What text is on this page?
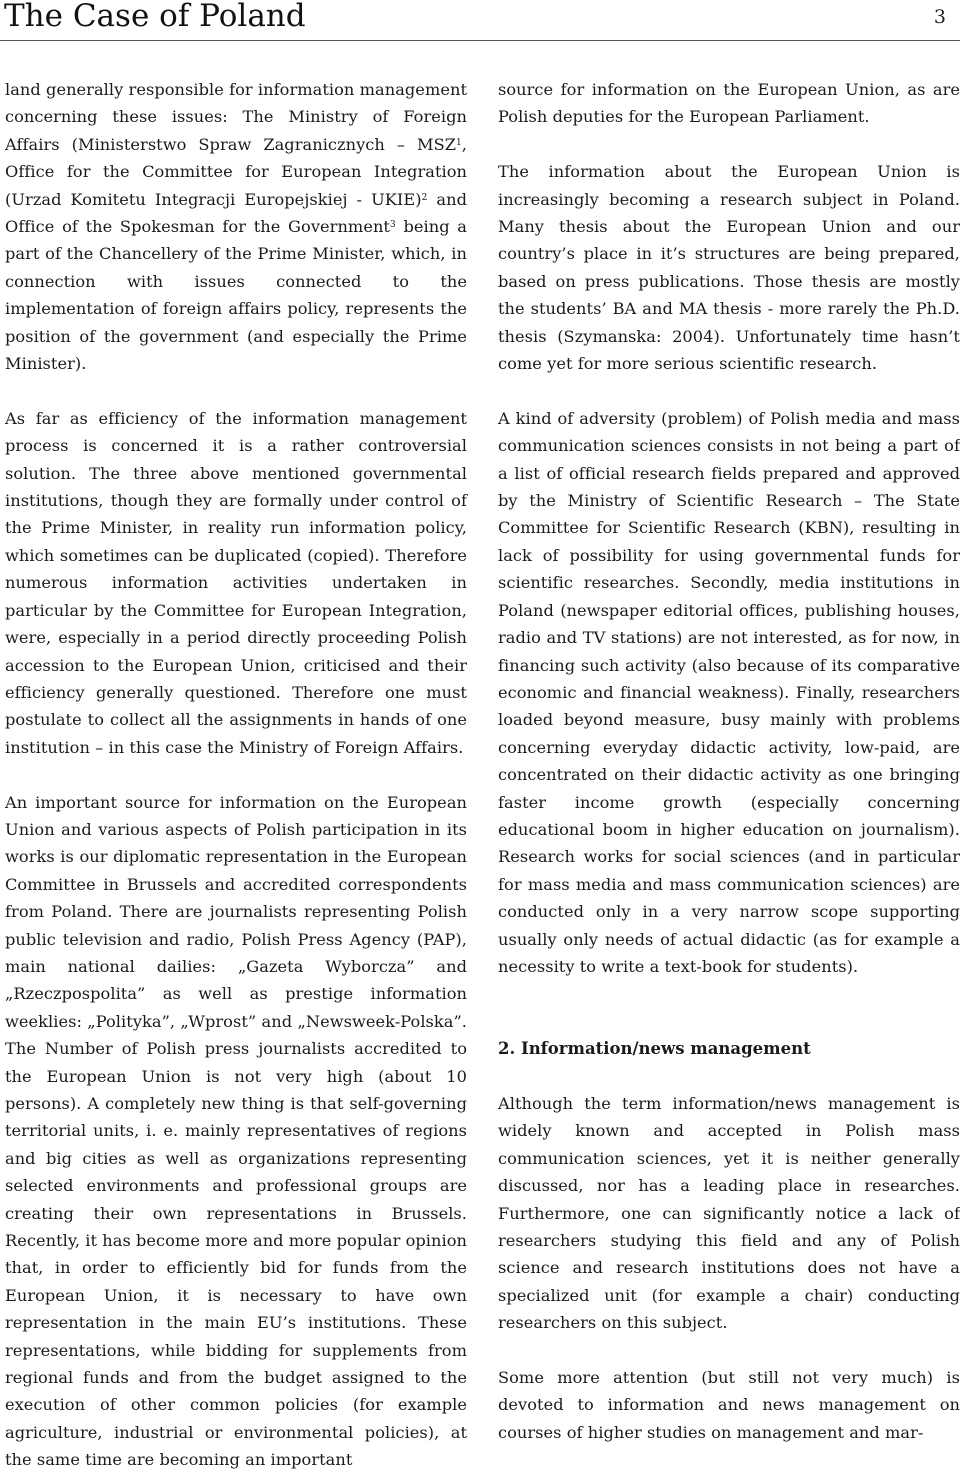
The Case of Poland	3

land generally responsible for information management concerning these issues: The Ministry of Foreign Affairs (Ministerstwo Spraw Zagranicznych – MSZ$^1$, Office for the Committee for European Integration (Urzad Komitetu Integracji Europejskiej - UKIE)$^2$ and Office of the Spokesman for the Government$^3$ being a part of the Chancellery of the Prime Minister, which, in connection with issues connected to the implementation of foreign affairs policy, represents the position of the government (and especially the Prime Minister).

As far as efficiency of the information management process is concerned it is a rather controversial solution. The three above mentioned governmental institutions, though they are formally under control of the Prime Minister, in reality run information policy, which sometimes can be duplicated (copied). Therefore numerous information activities undertaken in particular by the Committee for European Integration, were, especially in a period directly proceeding Polish accession to the European Union, criticised and their efficiency generally questioned. Therefore one must postulate to collect all the assignments in hands of one institution – in this case the Ministry of Foreign Affairs.

An important source for information on the European Union and various aspects of Polish participation in its works is our diplomatic representation in the European Committee in Brussels and accredited correspondents from Poland. There are journalists representing Polish public television and radio, Polish Press Agency (PAP), main national dailies: „Gazeta Wyborcza” and „Rzeczpospolita” as well as prestige information weeklies: „Polityka”, „Wprost” and „Newsweek-Polska”. The Number of Polish press journalists accredited to the European Union is not very high (about 10 persons). A completely new thing is that self-governing territorial units, i. e. mainly representatives of regions and big cities as well as organizations representing selected environments and professional groups are creating their own representations in Brussels. Recently, it has become more and more popular opinion that, in order to efficiently bid for funds from the European Union, it is necessary to have own representation in the main EU’s institutions. These representations, while bidding for supplements from regional funds and from the budget assigned to the execution of other common policies (for example agriculture, industrial or environmental policies), at the same time are becoming an important

source for information on the European Union, as are Polish deputies for the European Parliament.

The information about the European Union is increasingly becoming a research subject in Poland. Many thesis about the European Union and our country’s place in it’s structures are being prepared, based on press publications. Those thesis are mostly the students’ BA and MA thesis - more rarely the Ph.D. thesis (Szymanska: 2004). Unfortunately time hasn’t come yet for more serious scientific research.

A kind of adversity (problem) of Polish media and mass communication sciences consists in not being a part of a list of official research fields prepared and approved by the Ministry of Scientific Research – The State Committee for Scientific Research (KBN), resulting in lack of possibility for using governmental funds for scientific researches. Secondly, media institutions in Poland (newspaper editorial offices, publishing houses, radio and TV stations) are not interested, as for now, in financing such activity (also because of its comparative economic and financial weakness). Finally, researchers loaded beyond measure, busy mainly with problems concerning everyday didactic activity, low-paid, are concentrated on their didactic activity as one bringing faster income growth (especially concerning educational boom in higher education on journalism). Research works for social sciences (and in particular for mass media and mass communication sciences) are conducted only in a very narrow scope supporting usually only needs of actual didactic (as for example a necessity to write a text-book for students).

2. Information/news management

Although the term information/news management is widely known and accepted in Polish mass communication sciences, yet it is neither generally discussed, nor has a leading place in researches. Furthermore, one can significantly notice a lack of researchers studying this field and any of Polish science and research institutions does not have a specialized unit (for example a chair) conducting researchers on this subject.

Some more attention (but still not very much) is devoted to information and news management on courses of higher studies on management and mar-
